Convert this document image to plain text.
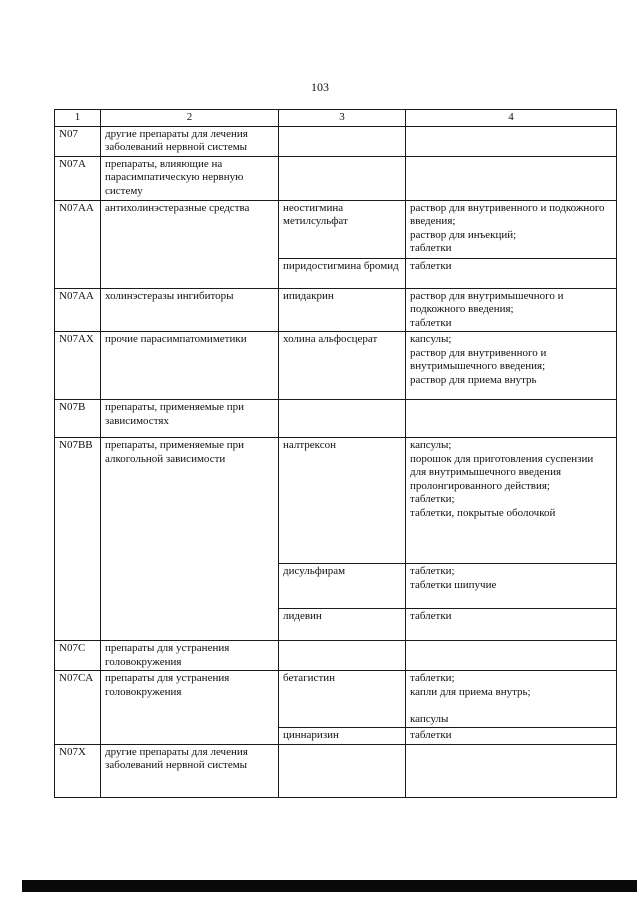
103
1	2	3	4
N07	другие препараты для лечения заболеваний нервной системы		
N07A	препараты, влияющие на парасимпатическую нервную систему		
N07AA	антихолинэстеразные средства	неостигмина метилсульфат	раствор для внутривенного и подкожного введения;
раствор для инъекций;
таблетки
		пиридостигмина бромид	таблетки
N07AA	холинэстеразы ингибиторы	ипидакрин	раствор для внутримышечного и подкожного введения;
таблетки
N07AX	прочие парасимпатомиметики	холина альфосцерат	капсулы;
раствор для внутривенного и внутримышечного введения;
раствор для приема внутрь
N07B	препараты, применяемые при зависимостях		
N07BB	препараты, применяемые при алкогольной зависимости	налтрексон	капсулы;
порошок для приготовления суспензии для внутримышечного введения пролонгированного действия;
таблетки;
таблетки, покрытые оболочкой
		дисульфирам	таблетки;
таблетки шипучие
		лидевин	таблетки
N07C	препараты для устранения головокружения		
N07CA	препараты для устранения головокружения	бетагистин	таблетки;
капли для приема внутрь;

капсулы
		циннаризин	таблетки
N07X	другие препараты для лечения заболеваний нервной системы		
